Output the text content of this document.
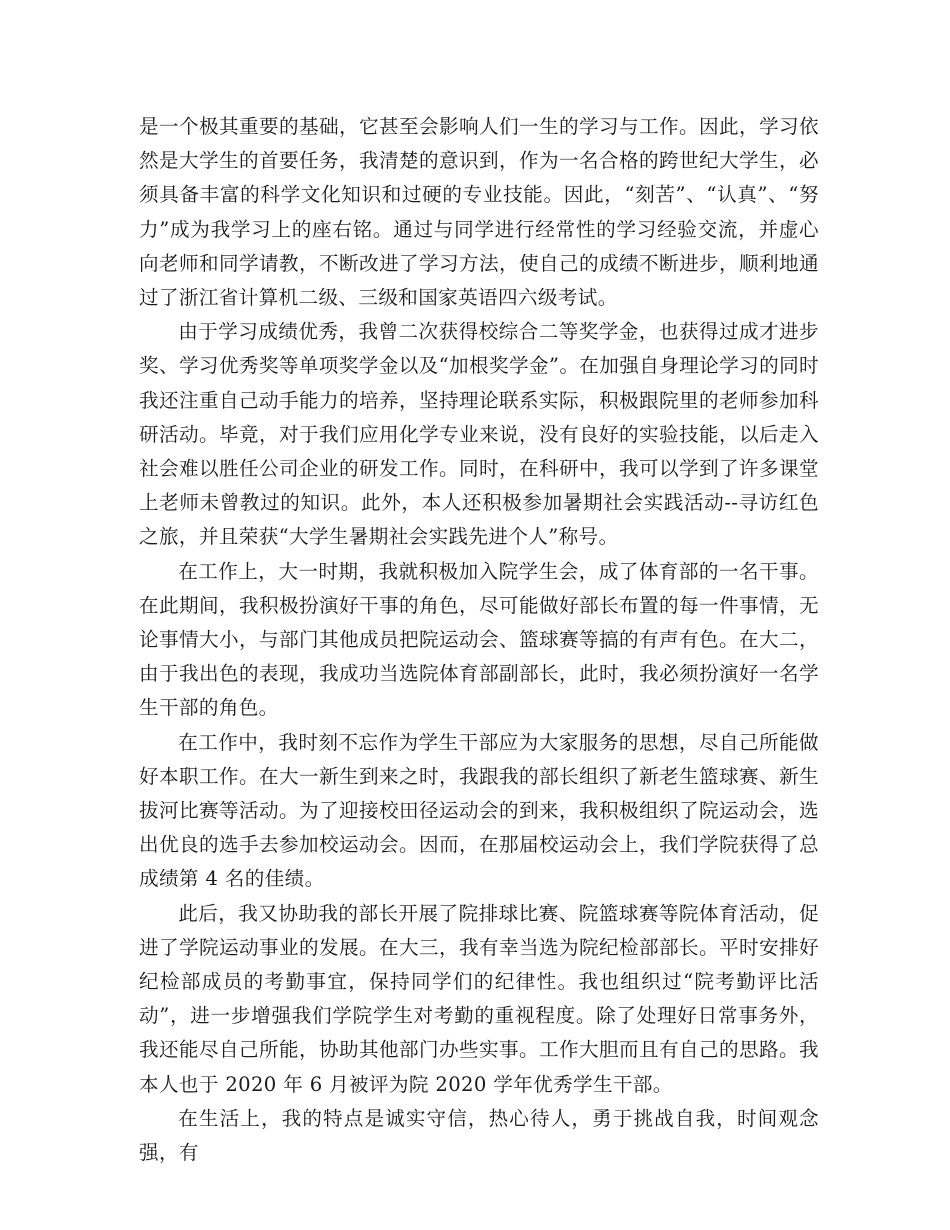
是一个极其重要的基础，它甚至会影响人们一生的学习与工作。因此，学习依然是大学生的首要任务，我清楚的意识到，作为一名合格的跨世纪大学生，必须具备丰富的科学文化知识和过硬的专业技能。因此，“刻苦”、“认真”、“努力”成为我学习上的座右铭。通过与同学进行经常性的学习经验交流，并虚心向老师和同学请教，不断改进了学习方法，使自己的成绩不断进步，顺利地通过了浙江省计算机二级、三级和国家英语四六级考试。

由于学习成绩优秀，我曾二次获得校综合二等奖学金，也获得过成才进步奖、学习优秀奖等单项奖学金以及“加根奖学金”。在加强自身理论学习的同时我还注重自己动手能力的培养，坚持理论联系实际，积极跟院里的老师参加科研活动。毕竟，对于我们应用化学专业来说，没有良好的实验技能，以后走入社会难以胜任公司企业的研发工作。同时，在科研中，我可以学到了许多课堂上老师未曾教过的知识。此外，本人还积极参加暑期社会实践活动--寻访红色之旅，并且荣获“大学生暑期社会实践先进个人”称号。

在工作上，大一时期，我就积极加入院学生会，成了体育部的一名干事。在此期间，我积极扮演好干事的角色，尽可能做好部长布置的每一件事情，无论事情大小，与部门其他成员把院运动会、篮球赛等搞的有声有色。在大二，由于我出色的表现，我成功当选院体育部副部长，此时，我必须扮演好一名学生干部的角色。

在工作中，我时刻不忘作为学生干部应为大家服务的思想，尽自己所能做好本职工作。在大一新生到来之时，我跟我的部长组织了新老生篮球赛、新生拔河比赛等活动。为了迎接校田径运动会的到来，我积极组织了院运动会，选出优良的选手去参加校运动会。因而，在那届校运动会上，我们学院获得了总成绩第 4 名的佳绩。

此后，我又协助我的部长开展了院排球比赛、院篮球赛等院体育活动，促进了学院运动事业的发展。在大三，我有幸当选为院纪检部部长。平时安排好纪检部成员的考勤事宜，保持同学们的纪律性。我也组织过“院考勤评比活动”，进一步增强我们学院学生对考勤的重视程度。除了处理好日常事务外，我还能尽自己所能，协助其他部门办些实事。工作大胆而且有自己的思路。我本人也于 2020 年 6 月被评为院 2020 学年优秀学生干部。

在生活上，我的特点是诚实守信，热心待人，勇于挑战自我，时间观念强，有
